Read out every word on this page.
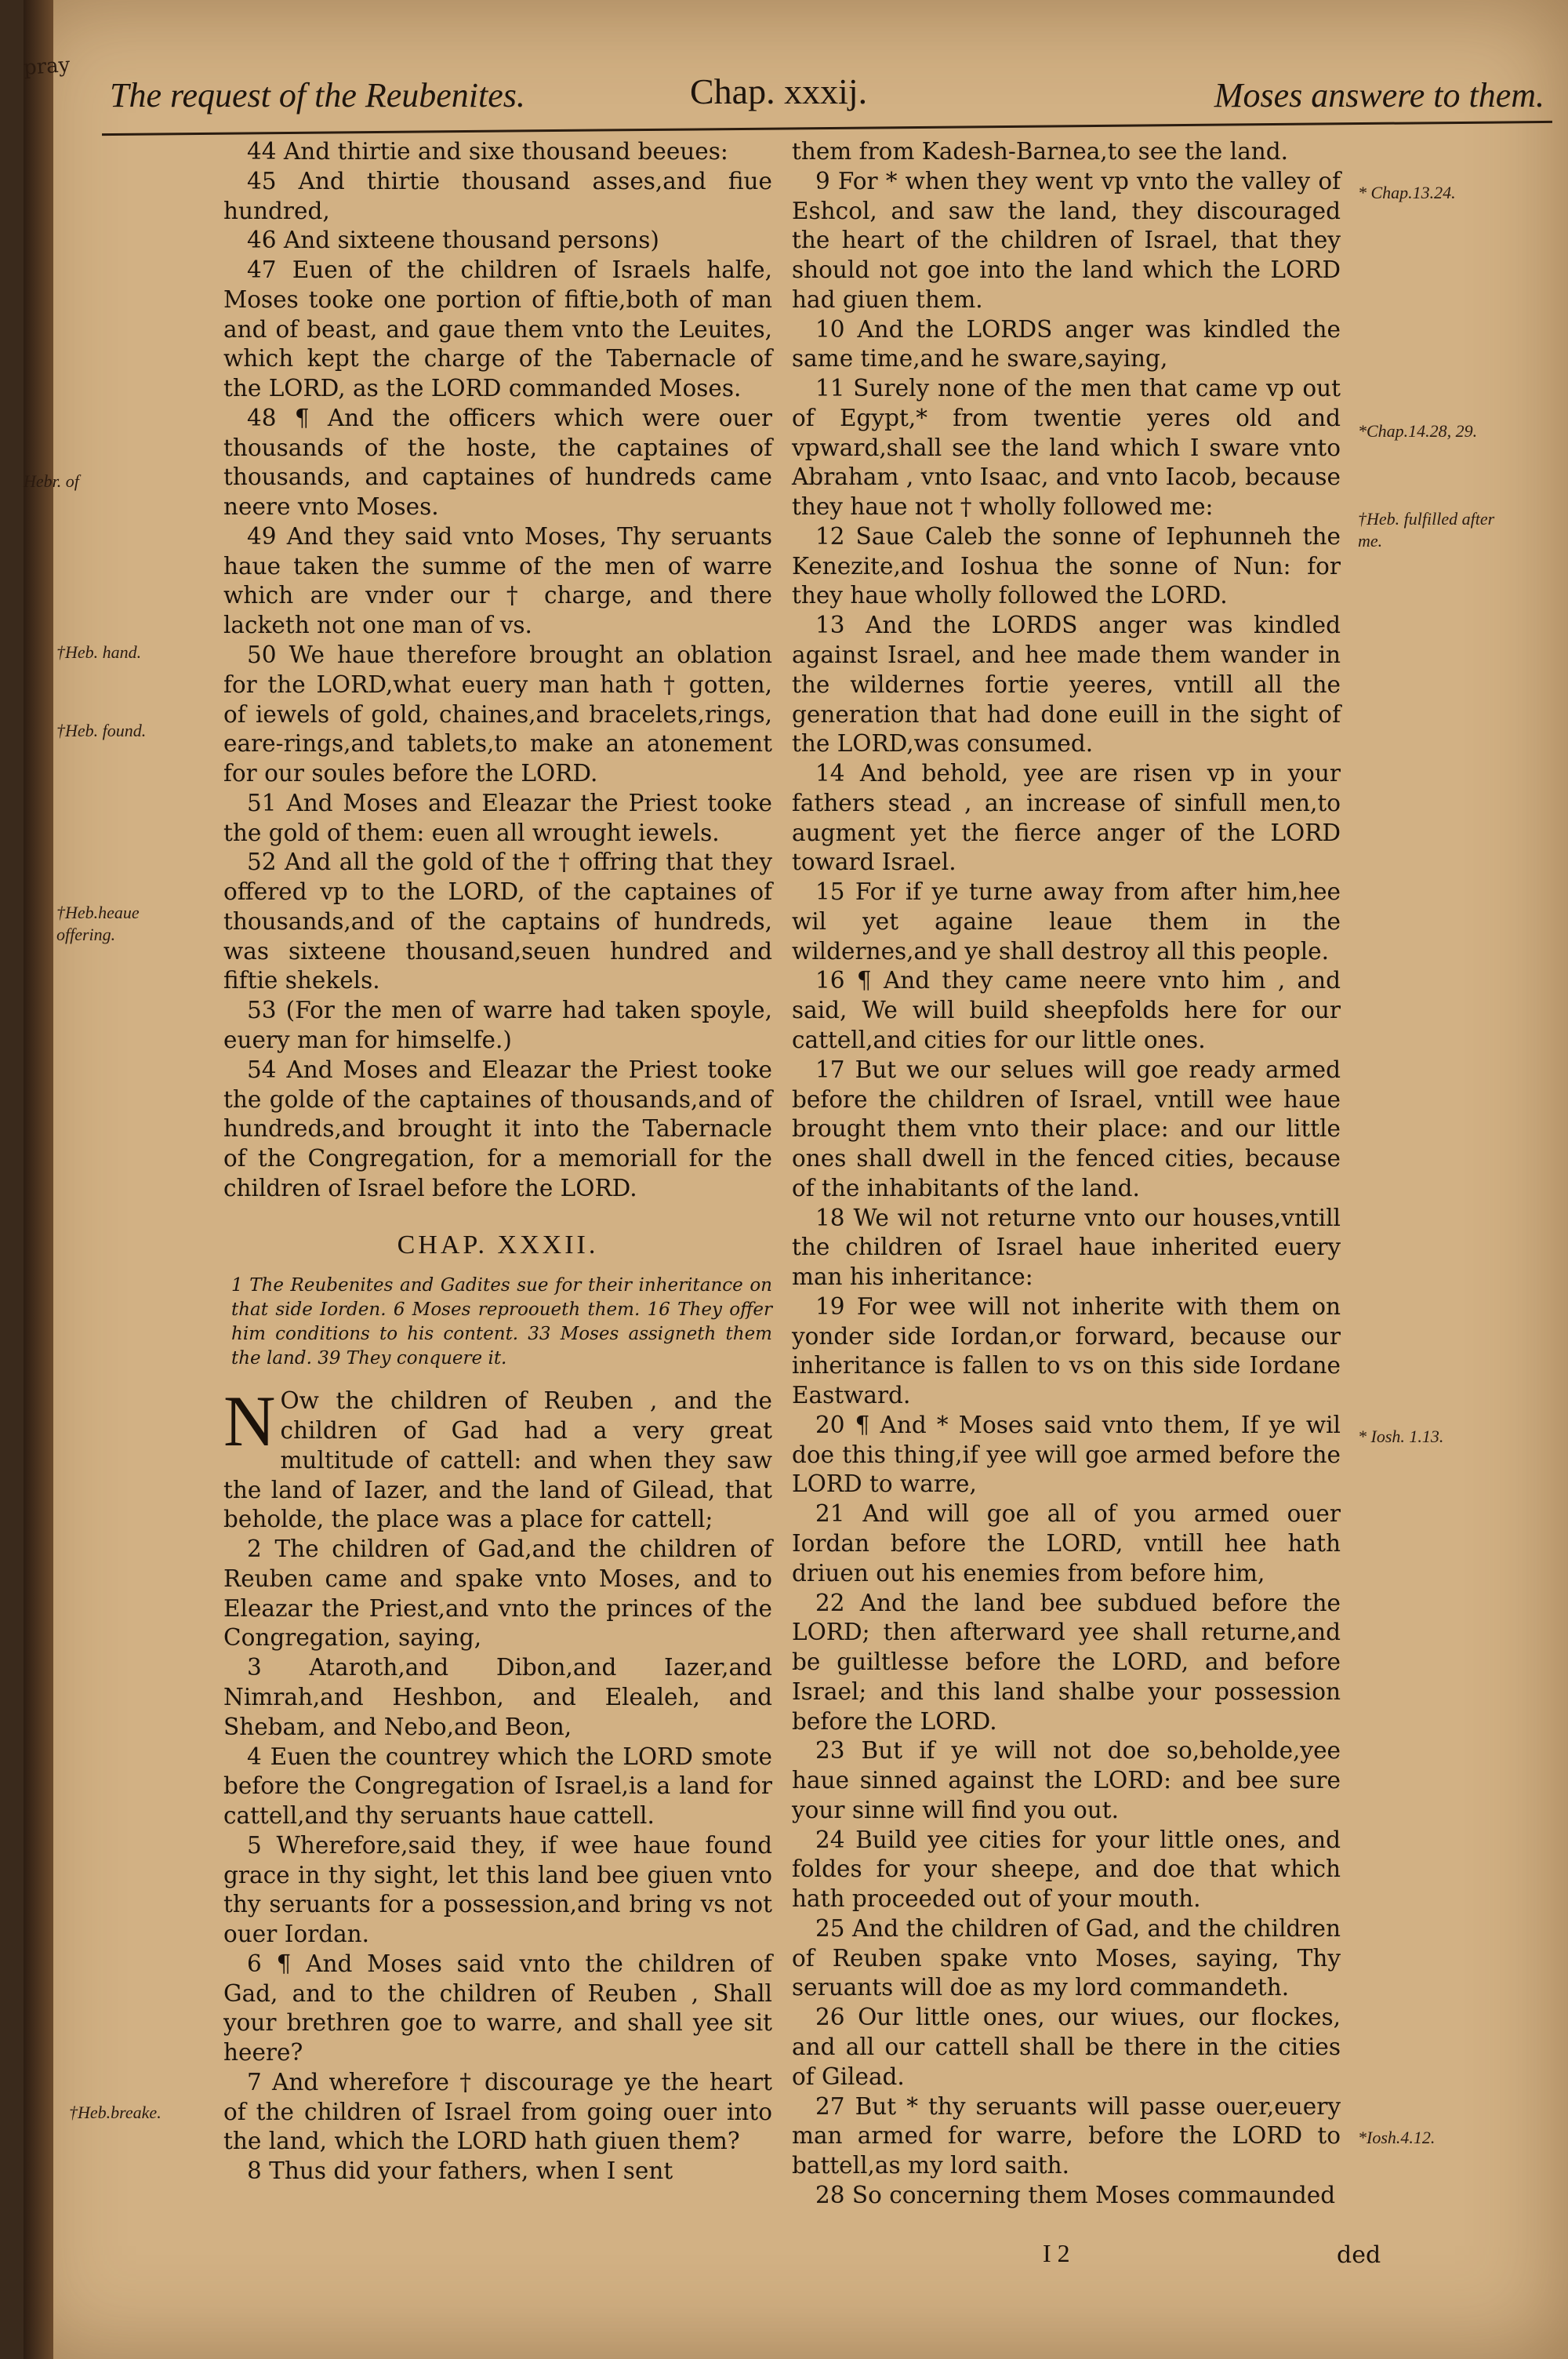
pray
The request of the Reubenites.	Chap. xxxij.	Moses answere to them.
Hebr. of
†Heb. hand.
†Heb. found.
†Heb.heaue offering.
†Heb.breake.
* Chap.13.24.
*Chap.14.28, 29.
†Heb. fulfilled after me.
* Iosh. 1.13.
*Iosh.4.12.

44 And thirtie and sixe thousand beeues:

45 And thirtie thousand asses,and fiue hundred,

46 And sixteene thousand persons)

47 Euen of the children of Israels halfe, Moses tooke one portion of fiftie,both of man and of beast, and gaue them vnto the Leuites, which kept the charge of the Tabernacle of the LORD, as the LORD commanded Moses.

48 ¶ And the officers which were ouer thousands of the hoste, the captaines of thousands, and captaines of hundreds came neere vnto Moses.

49 And they said vnto Moses, Thy seruants haue taken the summe of the men of warre which are vnder our † charge, and there lacketh not one man of vs.

50 We haue therefore brought an oblation for the LORD,what euery man hath † gotten, of iewels of gold, chaines,and bracelets,rings, eare-rings,and tablets,to make an atonement for our soules before the LORD.

51 And Moses and Eleazar the Priest tooke the gold of them: euen all wrought iewels.

52 And all the gold of the † offring that they offered vp to the LORD, of the captaines of thousands,and of the captains of hundreds, was sixteene thousand,seuen hundred and fiftie shekels.

53 (For the men of warre had taken spoyle, euery man for himselfe.)

54 And Moses and Eleazar the Priest tooke the golde of the captaines of thousands,and of hundreds,and brought it into the Tabernacle of the Congregation, for a memoriall for the children of Israel before the LORD.

CHAP. XXXII.

1 The Reubenites and Gadites sue for their inheritance on that side Iorden. 6 Moses reprooueth them. 16 They offer him conditions to his content. 33 Moses assigneth them the land. 39 They conquere it.

N Ow the children of Reuben , and the children of Gad had a very great multitude of cattell: and when they saw the land of Iazer, and the land of Gilead, that beholde, the place was a place for cattell;

2 The children of Gad,and the children of Reuben came and spake vnto Moses, and to Eleazar the Priest,and vnto the princes of the Congregation, saying,

3 Ataroth,and Dibon,and Iazer,and Nimrah,and Heshbon, and Elealeh, and Shebam, and Nebo,and Beon,

4 Euen the countrey which the LORD smote before the Congregation of Israel,is a land for cattell,and thy seruants haue cattell.

5 Wherefore,said they, if wee haue found grace in thy sight, let this land bee giuen vnto thy seruants for a possession,and bring vs not ouer Iordan.

6 ¶ And Moses said vnto the children of Gad, and to the children of Reuben , Shall your brethren goe to warre, and shall yee sit heere?

7 And wherefore † discourage ye the heart of the children of Israel from going ouer into the land, which the LORD hath giuen them?

8 Thus did your fathers, when I sent

them from Kadesh-Barnea,to see the land.

9 For * when they went vp vnto the valley of Eshcol, and saw the land, they discouraged the heart of the children of Israel, that they should not goe into the land which the LORD had giuen them.

10 And the LORDS anger was kindled the same time,and he sware,saying,

11 Surely none of the men that came vp out of Egypt,* from twentie yeres old and vpward,shall see the land which I sware vnto Abraham , vnto Isaac, and vnto Iacob, because they haue not † wholly followed me:

12 Saue Caleb the sonne of Iephunneh the Kenezite,and Ioshua the sonne of Nun: for they haue wholly followed the LORD.

13 And the LORDS anger was kindled against Israel, and hee made them wander in the wildernes fortie yeeres, vntill all the generation that had done euill in the sight of the LORD,was consumed.

14 And behold, yee are risen vp in your fathers stead , an increase of sinfull men,to augment yet the fierce anger of the LORD toward Israel.

15 For if ye turne away from after him,hee wil yet againe leaue them in the wildernes,and ye shall destroy all this people.

16 ¶ And they came neere vnto him , and said, We will build sheepfolds here for our cattell,and cities for our little ones.

17 But we our selues will goe ready armed before the children of Israel, vntill wee haue brought them vnto their place: and our little ones shall dwell in the fenced cities, because of the inhabitants of the land.

18 We wil not returne vnto our houses,vntill the children of Israel haue inherited euery man his inheritance:

19 For wee will not inherite with them on yonder side Iordan,or forward, because our inheritance is fallen to vs on this side Iordane Eastward.

20 ¶ And * Moses said vnto them, If ye wil doe this thing,if yee will goe armed before the LORD to warre,

21 And will goe all of you armed ouer Iordan before the LORD, vntill hee hath driuen out his enemies from before him,

22 And the land bee subdued before the LORD; then afterward yee shall returne,and be guiltlesse before the LORD, and before Israel; and this land shalbe your possession before the LORD.

23 But if ye will not doe so,beholde,yee haue sinned against the LORD: and bee sure your sinne will find you out.

24 Build yee cities for your little ones, and foldes for your sheepe, and doe that which hath proceeded out of your mouth.

25 And the children of Gad, and the children of Reuben spake vnto Moses, saying, Thy seruants will doe as my lord commandeth.

26 Our little ones, our wiues, our flockes, and all our cattell shall be there in the cities of Gilead.

27 But * thy seruants will passe ouer,euery man armed for warre, before the LORD to battell,as my lord saith.

28 So concerning them Moses commaunded

I 2	ded
